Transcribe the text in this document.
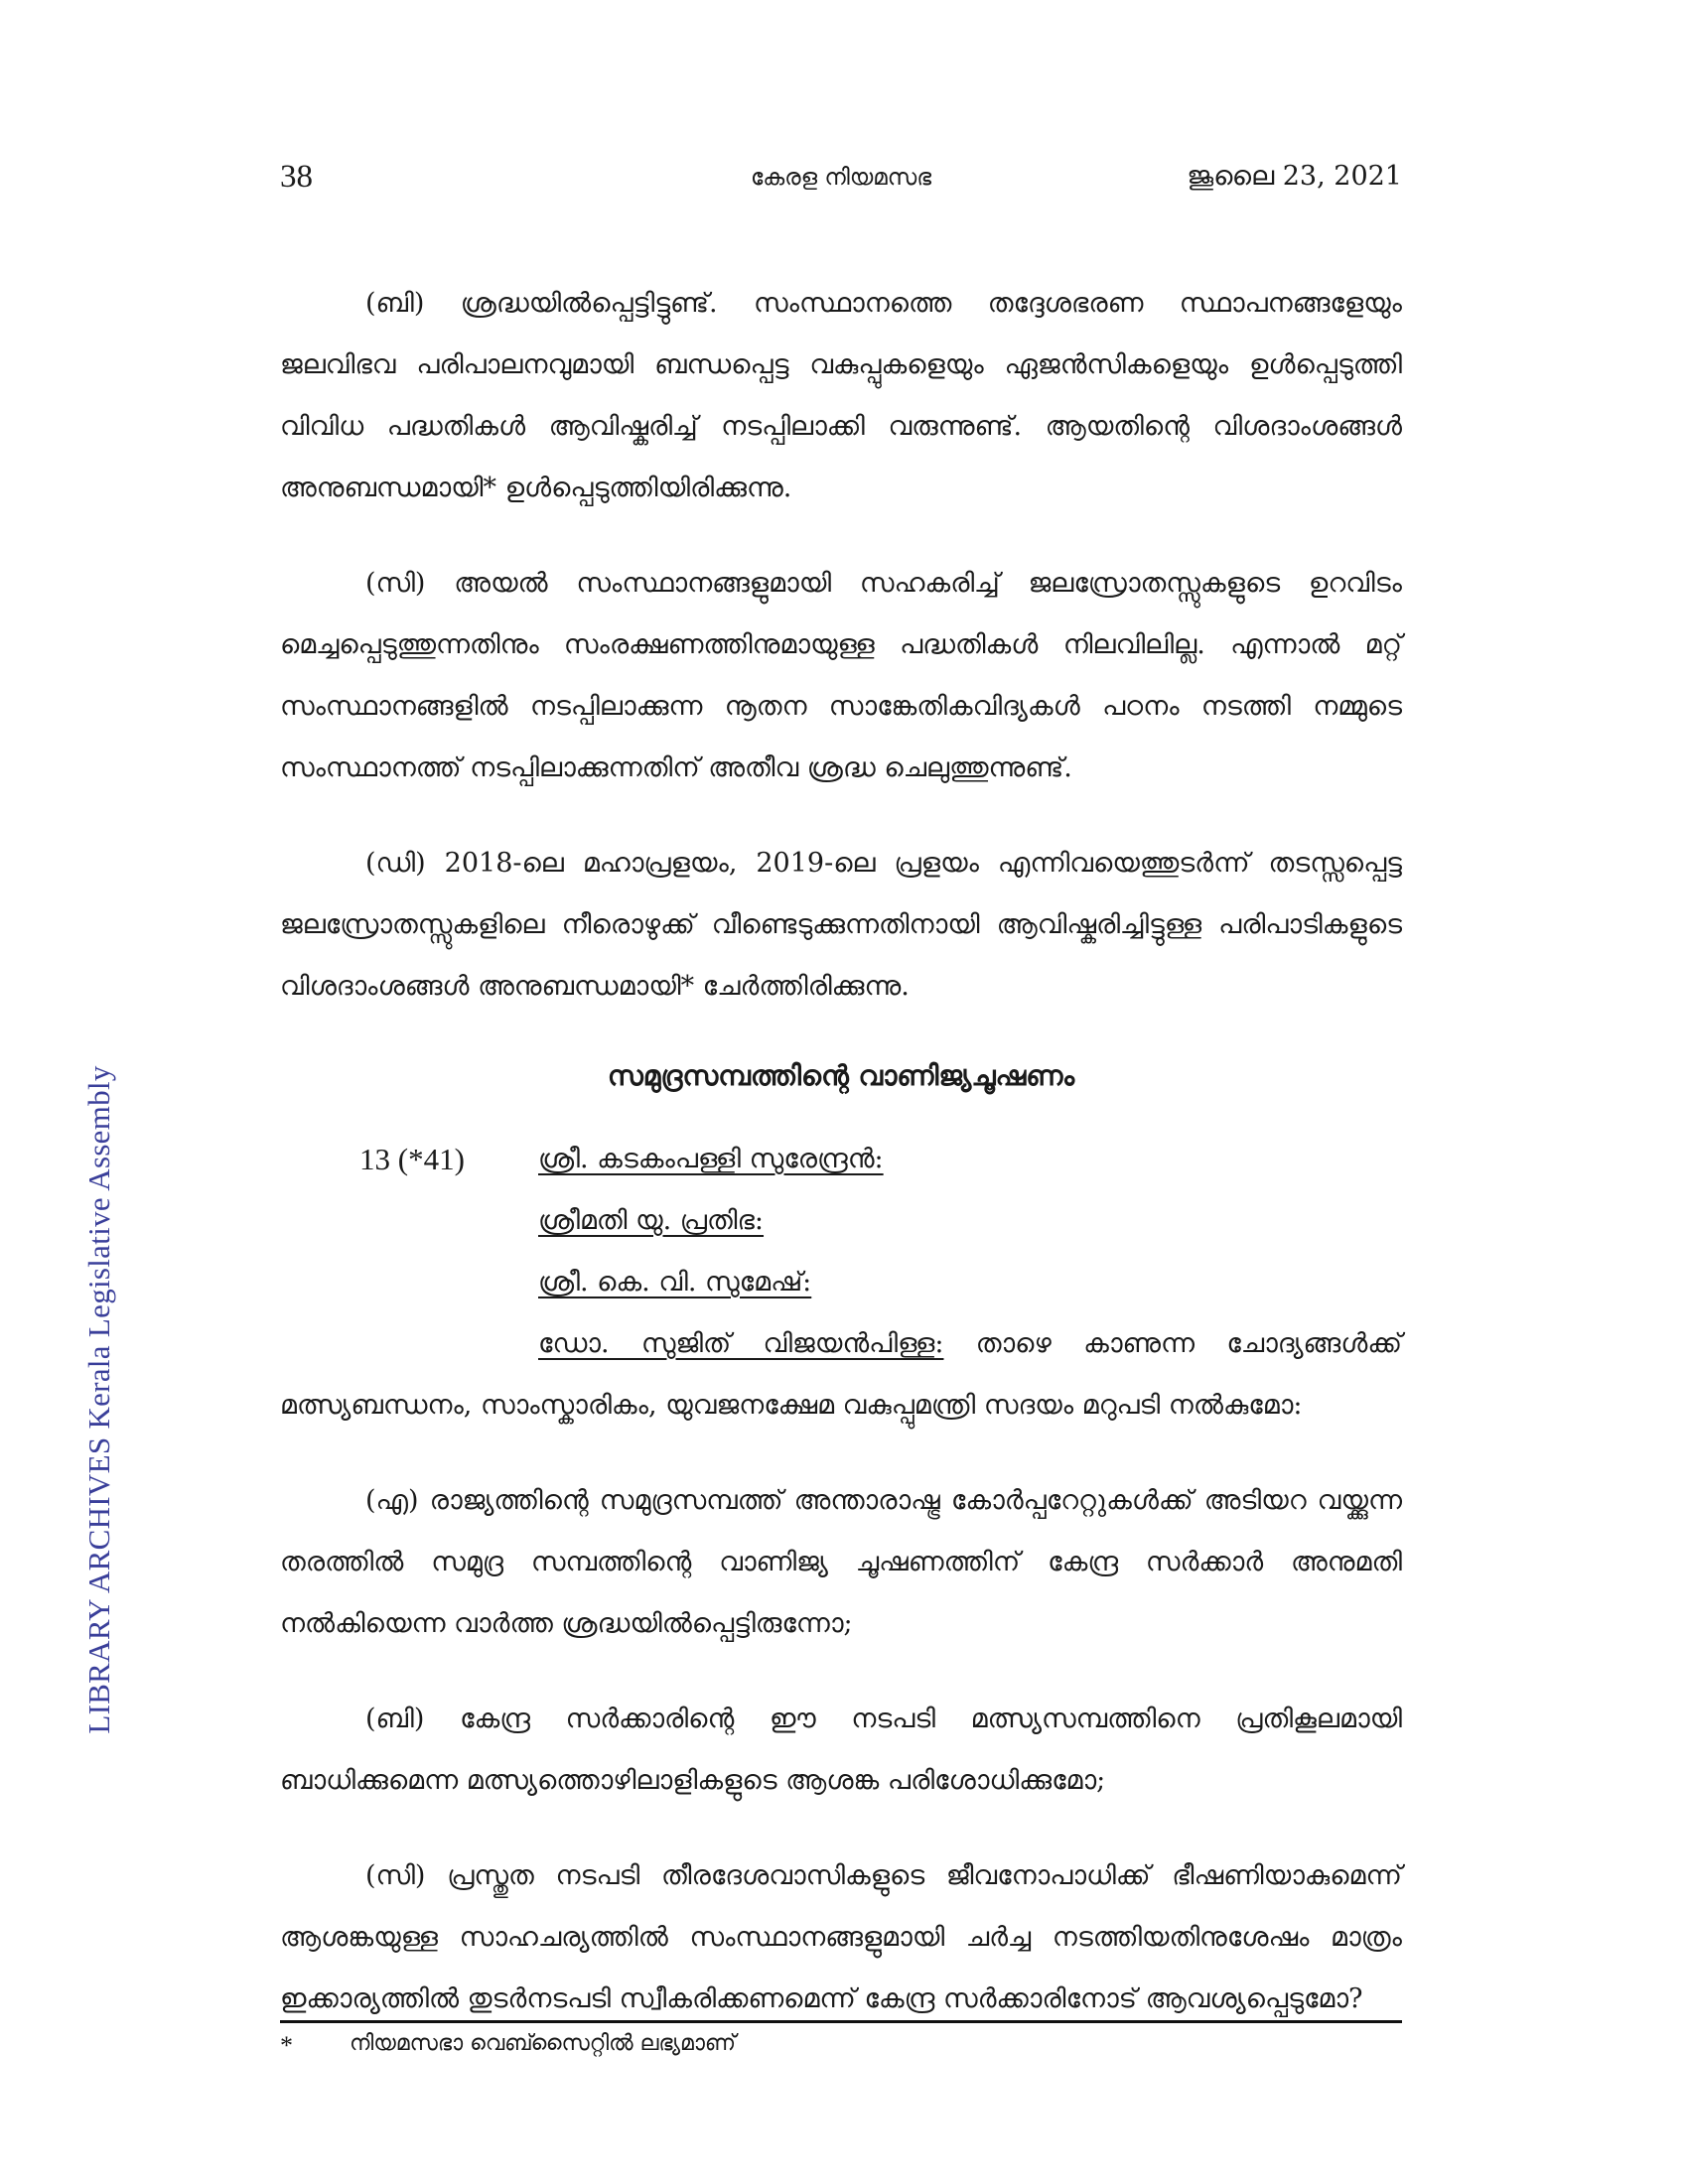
LIBRARY ARCHIVES Kerala Legislative Assembly
38	കേരള നിയമസഭ	ജൂലൈ 23, 2021

(ബി) ശ്രദ്ധയിൽപ്പെട്ടിട്ടുണ്ട്. സംസ്ഥാനത്തെ തദ്ദേശഭരണ സ്ഥാപനങ്ങളേയും ജലവിഭവ പരിപാലനവുമായി ബന്ധപ്പെട്ട വകുപ്പുകളെയും ഏജൻസികളെയും ഉൾപ്പെടുത്തി വിവിധ പദ്ധതികൾ ആവിഷ്കരിച്ച് നടപ്പിലാക്കി വരുന്നുണ്ട്. ആയതിന്റെ വിശദാംശങ്ങൾ അനുബന്ധമായി* ഉൾപ്പെടുത്തിയിരിക്കുന്നു.

(സി) അയൽ സംസ്ഥാനങ്ങളുമായി സഹകരിച്ച് ജലസ്രോതസ്സുകളുടെ ഉറവിടം മെച്ചപ്പെടുത്തുന്നതിനും സംരക്ഷണത്തിനുമായുള്ള പദ്ധതികൾ നിലവിലില്ല. എന്നാൽ മറ്റ് സംസ്ഥാനങ്ങളിൽ നടപ്പിലാക്കുന്ന നൂതന സാങ്കേതികവിദ്യകൾ പഠനം നടത്തി നമ്മുടെ സംസ്ഥാനത്ത് നടപ്പിലാക്കുന്നതിന് അതീവ ശ്രദ്ധ ചെലുത്തുന്നുണ്ട്.

(ഡി) 2018-ലെ മഹാപ്രളയം, 2019-ലെ പ്രളയം എന്നിവയെത്തുടർന്ന് തടസ്സപ്പെട്ട ജലസ്രോതസ്സുകളിലെ നീരൊഴുക്ക് വീണ്ടെടുക്കുന്നതിനായി ആവിഷ്കരിച്ചിട്ടുള്ള പരിപാടികളുടെ വിശദാംശങ്ങൾ അനുബന്ധമായി* ചേർത്തിരിക്കുന്നു.

സമുദ്രസമ്പത്തിന്റെ വാണിജ്യചൂഷണം
13 (*41)	ശ്രീ. കടകംപള്ളി സുരേന്ദ്രൻ:
ശ്രീമതി യു. പ്രതിഭ:
ശ്രീ. കെ. വി. സുമേഷ്:

ഡോ. സുജിത് വിജയൻപിള്ള: താഴെ കാണുന്ന ചോദ്യങ്ങൾക്ക് മത്സ്യബന്ധനം, സാംസ്കാരികം, യുവജനക്ഷേമ വകുപ്പുമന്ത്രി സദയം മറുപടി നൽകുമോ:

(എ) രാജ്യത്തിന്റെ സമുദ്രസമ്പത്ത് അന്താരാഷ്ട്ര കോർപ്പറേറ്റുകൾക്ക് അടിയറ വയ്ക്കുന്ന തരത്തിൽ സമുദ്ര സമ്പത്തിന്റെ വാണിജ്യ ചൂഷണത്തിന് കേന്ദ്ര സർക്കാർ അനുമതി നൽകിയെന്ന വാർത്ത ശ്രദ്ധയിൽപ്പെട്ടിരുന്നോ;

(ബി) കേന്ദ്ര സർക്കാരിന്റെ ഈ നടപടി മത്സ്യസമ്പത്തിനെ പ്രതികൂലമായി ബാധിക്കുമെന്ന മത്സ്യത്തൊഴിലാളികളുടെ ആശങ്ക പരിശോധിക്കുമോ;

(സി) പ്രസ്തുത നടപടി തീരദേശവാസികളുടെ ജീവനോപാധിക്ക് ഭീഷണിയാകുമെന്ന് ആശങ്കയുള്ള സാഹചര്യത്തിൽ സംസ്ഥാനങ്ങളുമായി ചർച്ച നടത്തിയതിനുശേഷം മാത്രം ഇക്കാര്യത്തിൽ തുടർനടപടി സ്വീകരിക്കണമെന്ന് കേന്ദ്ര സർക്കാരിനോട് ആവശ്യപ്പെടുമോ?

*	നിയമസഭാ വെബ്സൈറ്റിൽ ലഭ്യമാണ്
